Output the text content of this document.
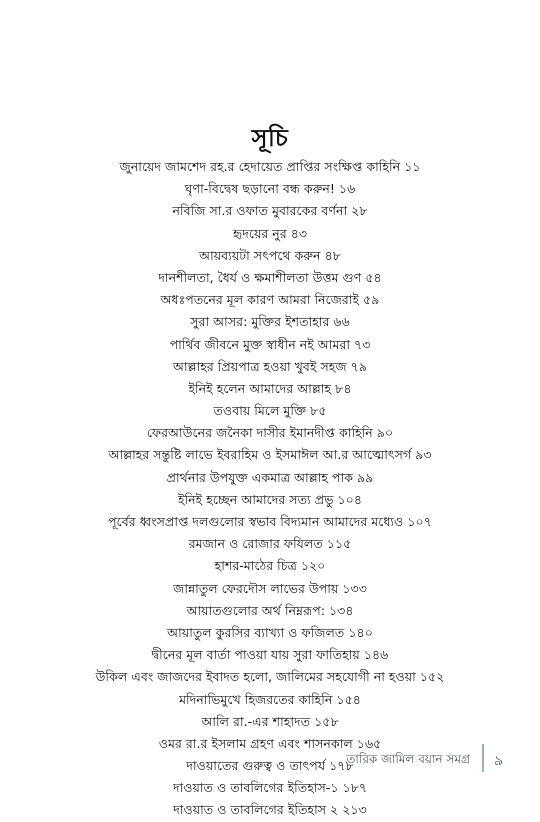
সূচি
জুনায়েদ জামশেদ রহ.র হেদায়েত প্রাপ্তির সংক্ষিপ্ত কাহিনি ১১
ঘৃণা-বিদ্বেষ ছড়ানো বন্ধ করুন! ১৬
নবিজি সা.র ওফাত মুবারকের বর্ণনা ২৮
হৃদয়ের নুর ৪৩
আয়ব্যয়টা সৎপথে করুন ৪৮
দানশীলতা, ধৈর্য ও ক্ষমাশীলতা উত্তম গুণ ৫৪
অধঃপতনের মূল কারণ আমরা নিজেরাই ৫৯
সুরা আসর: মুক্তির ইশতাহার ৬৬
পার্থিব জীবনে মুক্ত স্বাধীন নই আমরা ৭৩
আল্লাহর প্রিয়পাত্র হওয়া খুবই সহজ ৭৯
ইনিই হলেন আমাদের আল্লাহ ৮৪
তওবায় মিলে মুক্তি ৮৫
ফেরআউনের জনৈকা দাসীর ইমানদীপ্ত কাহিনি ৯০
আল্লাহর সন্তুষ্টি লাভে ইবরাহিম ও ইসমাঈল আ.র আত্মোৎসর্গ ৯৩
প্রার্থনার উপযুক্ত একমাত্র আল্লাহ পাক ৯৯
ইনিই হচ্ছেন আমাদের সত্য প্রভু ১০৪
পূর্বের ধ্বংসপ্রাপ্ত দলগুলোর স্বভাব বিদ্যমান আমাদের মধ্যেও ১০৭
রমজান ও রোজার ফযিলত ১১৫
হাশর-মাঠের চিত্র ১২০
জান্নাতুল ফেরদৌস লাভের উপায় ১৩৩
আয়াতগুলোর অর্থ নিম্নরূপ: ১৩৪
আয়াতুল কুরসির ব্যাখ্যা ও ফজিলত ১৪০
দ্বীনের মূল বার্তা পাওয়া যায় সুরা ফাতিহায় ১৪৬
উকিল এবং জাজদের ইবাদত হলো, জালিমের সহযোগী না হওয়া ১৫২
মদিনাভিমুখে হিজরতের কাহিনি ১৫৪
আলি রা.-এর শাহাদত ১৫৮
ওমর রা.র ইসলাম গ্রহণ এবং শাসনকাল ১৬৫
দাওয়াতের গুরুত্ব ও তাৎপর্য ১৭৮
দাওয়াত ও তাবলিগের ইতিহাস-১ ১৮৭
দাওয়াত ও তাবলিগের ইতিহাস ২ ২১৩
তারিক জামিল বয়ান সমগ্র ৯
